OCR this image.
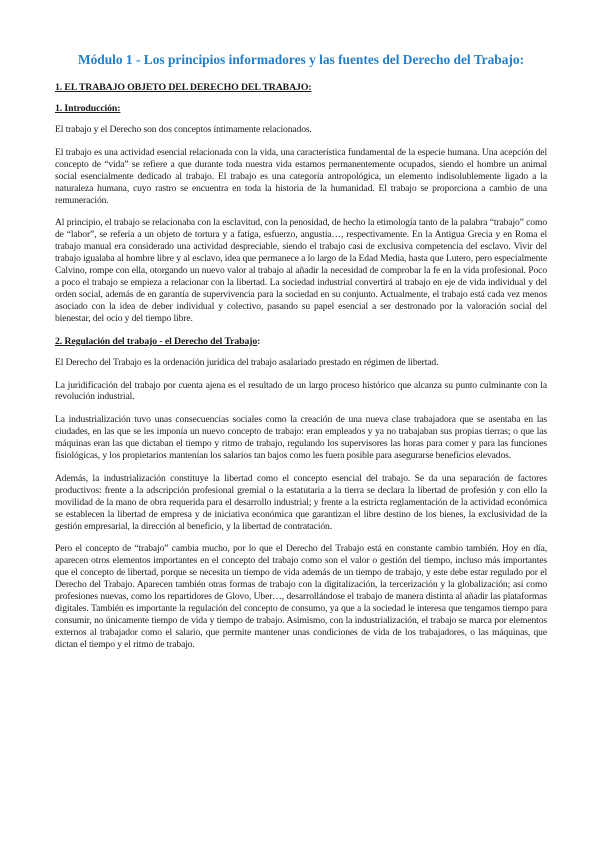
Módulo 1 - Los principios informadores y las fuentes del Derecho del Trabajo:
1. EL TRABAJO OBJETO DEL DERECHO DEL TRABAJO:
1. Introducción:

El trabajo y el Derecho son dos conceptos íntimamente relacionados.

El trabajo es una actividad esencial relacionada con la vida, una característica fundamental de la especie humana. Una acepción del concepto de “vida” se refiere a que durante toda nuestra vida estamos permanentemente ocupados, siendo el hombre un animal social esencialmente dedicado al trabajo. El trabajo es una categoría antropológica, un elemento indisolublemente ligado a la naturaleza humana, cuyo rastro se encuentra en toda la historia de la humanidad. El trabajo se proporciona a cambio de una remuneración.

Al principio, el trabajo se relacionaba con la esclavitud, con la penosidad, de hecho la etimología tanto de la palabra “trabajo” como de “labor”, se refería a un objeto de tortura y a fatiga, esfuerzo, angustia…, respectivamente. En la Antigua Grecia y en Roma el trabajo manual era considerado una actividad despreciable, siendo el trabajo casi de exclusiva competencia del esclavo. Vivir del trabajo igualaba al hombre libre y al esclavo, idea que permanece a lo largo de la Edad Media, hasta que Lutero, pero especialmente Calvino, rompe con ella, otorgando un nuevo valor al trabajo al añadir la necesidad de comprobar la fe en la vida profesional. Poco a poco el trabajo se empieza a relacionar con la libertad. La sociedad industrial convertirá al trabajo en eje de vida individual y del orden social, además de en garantía de supervivencia para la sociedad en su conjunto. Actualmente, el trabajo está cada vez menos asociado con la idea de deber individual y colectivo, pasando su papel esencial a ser destronado por la valoración social del bienestar, del ocio y del tiempo libre.

2. Regulación del trabajo - el Derecho del Trabajo:

El Derecho del Trabajo es la ordenación jurídica del trabajo asalariado prestado en régimen de libertad.

La juridificación del trabajo por cuenta ajena es el resultado de un largo proceso histórico que alcanza su punto culminante con la revolución industrial.

La industrialización tuvo unas consecuencias sociales como la creación de una nueva clase trabajadora que se asentaba en las ciudades, en las que se les imponía un nuevo concepto de trabajo: eran empleados y ya no trabajaban sus propias tierras; o que las máquinas eran las que dictaban el tiempo y ritmo de trabajo, regulando los supervisores las horas para comer y para las funciones fisiológicas, y los propietarios mantenían los salarios tan bajos como les fuera posible para asegurarse beneficios elevados.

Además, la industrialización constituye la libertad como el concepto esencial del trabajo. Se da una separación de factores productivos: frente a la adscripción profesional gremial o la estatutaria a la tierra se declara la libertad de profesión y con ello la movilidad de la mano de obra requerida para el desarrollo industrial; y frente a la estricta reglamentación de la actividad económica se establecen la libertad de empresa y de iniciativa económica que garantizan el libre destino de los bienes, la exclusividad de la gestión empresarial, la dirección al beneficio, y la libertad de contratación.

Pero el concepto de “trabajo” cambia mucho, por lo que el Derecho del Trabajo está en constante cambio también. Hoy en día, aparecen otros elementos importantes en el concepto del trabajo como son el valor o gestión del tiempo, incluso más importantes que el concepto de libertad, porque se necesita un tiempo de vida además de un tiempo de trabajo, y este debe estar regulado por el Derecho del Trabajo. Aparecen también otras formas de trabajo con la digitalización, la tercerización y la globalización; así como profesiones nuevas, como los repartidores de Glovo, Uber…, desarrollándose el trabajo de manera distinta al añadir las plataformas digitales. También es importante la regulación del concepto de consumo, ya que a la sociedad le interesa que tengamos tiempo para consumir, no únicamente tiempo de vida y tiempo de trabajo. Asimismo, con la industrialización, el trabajo se marca por elementos externos al trabajador como el salario, que permite mantener unas condiciones de vida de los trabajadores, o las máquinas, que dictan el tiempo y el ritmo de trabajo.
